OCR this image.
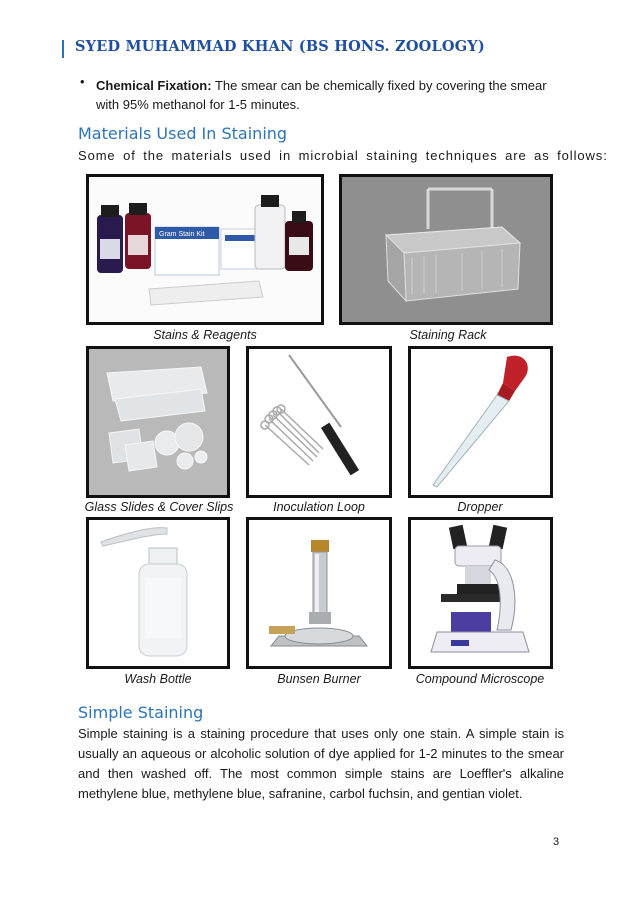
SYED MUHAMMAD KHAN (BS HONS. ZOOLOGY)
• Chemical Fixation: The smear can be chemically fixed by covering the smear with 95% methanol for 1-5 minutes.
Materials Used In Staining
Some of the materials used in microbial staining techniques are as follows:
Gram Stain Kit
Stains & Reagents	Staining Rack
Glass Slides & Cover Slips	Inoculation Loop	Dropper
Wash Bottle	Bunsen Burner	Compound Microscope
Simple Staining
Simple staining is a staining procedure that uses only one stain. A simple stain is usually an aqueous or alcoholic solution of dye applied for 1-2 minutes to the smear and then washed off. The most common simple stains are Loeffler's alkaline methylene blue, methylene blue, safranine, carbol fuchsin, and gentian violet.
3
